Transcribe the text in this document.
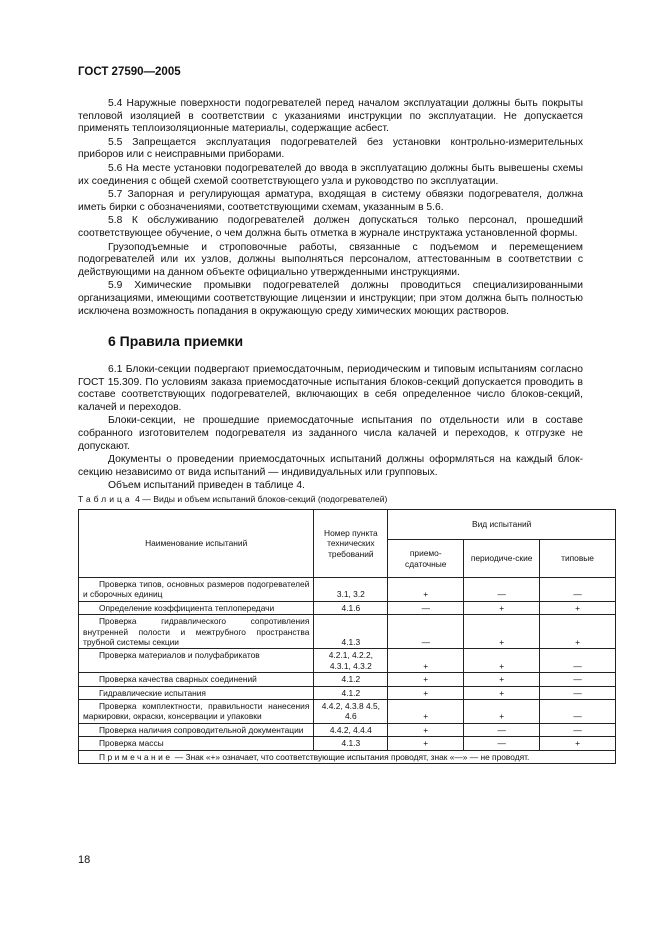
ГОСТ 27590—2005

5.4 Наружные поверхности подогревателей перед началом эксплуатации должны быть покрыты тепловой изоляцией в соответствии с указаниями инструкции по эксплуатации. Не допускается применять теплоизоляционные материалы, содержащие асбест.

5.5 Запрещается эксплуатация подогревателей без установки контрольно-измерительных приборов или с неисправными приборами.

5.6 На месте установки подогревателей до ввода в эксплуатацию должны быть вывешены схемы их соединения с общей схемой соответствующего узла и руководство по эксплуатации.

5.7 Запорная и регулирующая арматура, входящая в систему обвязки подогревателя, должна иметь бирки с обозначениями, соответствующими схемам, указанным в 5.6.

5.8 К обслуживанию подогревателей должен допускаться только персонал, прошедший соответствующее обучение, о чем должна быть отметка в журнале инструктажа установленной формы.

Грузоподъемные и строповочные работы, связанные с подъемом и перемещением подогревателей или их узлов, должны выполняться персоналом, аттестованным в соответствии с действующими на данном объекте официально утвержденными инструкциями.

5.9 Химические промывки подогревателей должны проводиться специализированными организациями, имеющими соответствующие лицензии и инструкции; при этом должна быть полностью исключена возможность попадания в окружающую среду химических моющих растворов.

6 Правила приемки

6.1 Блоки-секции подвергают приемосдаточным, периодическим и типовым испытаниям согласно ГОСТ 15.309. По условиям заказа приемосдаточные испытания блоков-секций допускается проводить в составе соответствующих подогревателей, включающих в себя определенное число блоков-секций, калачей и переходов.

Блоки-секции, не прошедшие приемосдаточные испытания по отдельности или в составе собранного изготовителем подогревателя из заданного числа калачей и переходов, к отгрузке не допускают.

Документы о проведении приемосдаточных испытаний должны оформляться на каждый блок-секцию независимо от вида испытаний — индивидуальных или групповых.

Объем испытаний приведен в таблице 4.

Таблица 4 — Виды и объем испытаний блоков-секций (подогревателей)
Наименование испытаний	Номер пункта технических требований	Вид испытаний		
		приемо-сдаточные	периодиче-ские	типовые
Проверка типов, основных размеров подогревателей и сборочных единиц	3.1, 3.2	+	—	—
Определение коэффициента теплопередачи	4.1.6	—	+	+
Проверка гидравлического сопротивления внутренней полости и межтрубного пространства трубной системы секции	4.1.3	—	+	+
Проверка материалов и полуфабрикатов	4.2.1, 4.2.2, 4.3.1, 4.3.2	+	+	—
Проверка качества сварных соединений	4.1.2	+	+	—
Гидравлические испытания	4.1.2	+	+	—
Проверка комплектности, правильности нанесения маркировки, окраски, консервации и упаковки	4.4.2, 4.3.8 4.5, 4.6	+	+	—
Проверка наличия сопроводительной документации	4.4.2, 4.4.4	+	—	—
Проверка массы	4.1.3	+	—	+
Примечание — Знак «+» означает, что соответствующие испытания проводят, знак «—» — не проводят.				
18
